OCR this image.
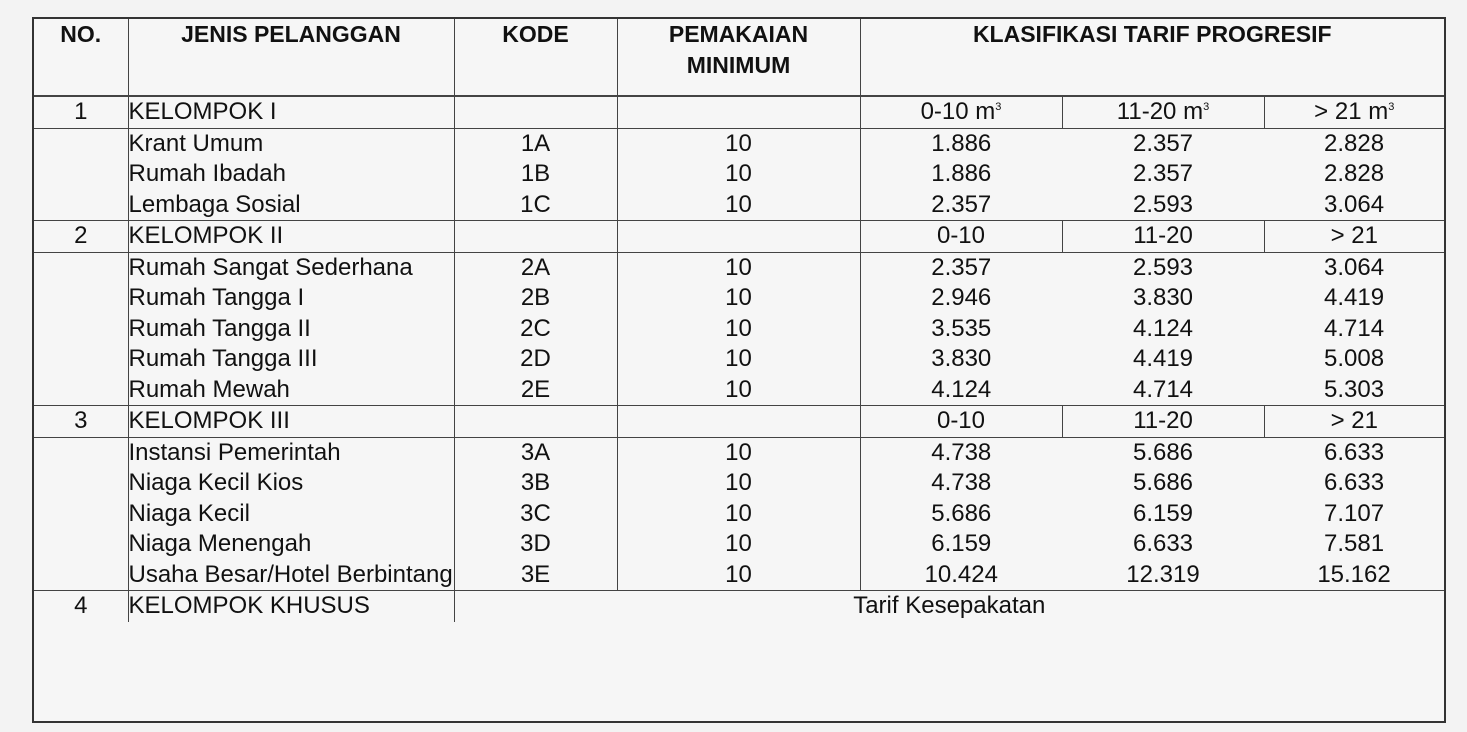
NO.	JENIS PELANGGAN	KODE	PEMAKAIAN MINIMUM	KLASIFIKASI TARIF PROGRESIF		
1	KELOMPOK I			0-10 $m^3$	11-20 $m^3$	> 21 $m^3$
	Krant Umum	1A	10	1.886	2.357	2.828
	Rumah Ibadah	1B	10	1.886	2.357	2.828
	Lembaga Sosial	1C	10	2.357	2.593	3.064
2	KELOMPOK II			0-10	11-20	> 21
	Rumah Sangat Sederhana	2A	10	2.357	2.593	3.064
	Rumah Tangga I	2B	10	2.946	3.830	4.419
	Rumah Tangga II	2C	10	3.535	4.124	4.714
	Rumah Tangga III	2D	10	3.830	4.419	5.008
	Rumah Mewah	2E	10	4.124	4.714	5.303
3	KELOMPOK III			0-10	11-20	> 21
	Instansi Pemerintah	3A	10	4.738	5.686	6.633
	Niaga Kecil Kios	3B	10	4.738	5.686	6.633
	Niaga Kecil	3C	10	5.686	6.159	7.107
	Niaga Menengah	3D	10	6.159	6.633	7.581
	Usaha Besar/Hotel Berbintang	3E	10	10.424	12.319	15.162
4	KELOMPOK KHUSUS	Tarif Kesepakatan				
